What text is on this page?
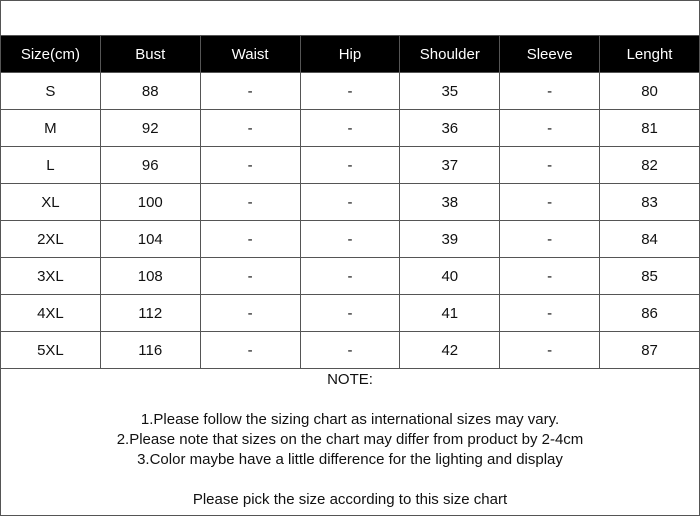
Size(cm)	Bust	Waist	Hip	Shoulder	Sleeve	Lenght
S	88	-	-	35	-	80
M	92	-	-	36	-	81
L	96	-	-	37	-	82
XL	100	-	-	38	-	83
2XL	104	-	-	39	-	84
3XL	108	-	-	40	-	85
4XL	112	-	-	41	-	86
5XL	116	-	-	42	-	87

NOTE:

1.Please follow the sizing chart as international sizes may vary.

2.Please note that sizes on the chart may differ from product by 2-4cm

3.Color maybe have a little difference for the lighting and display

Please pick the size according to this size chart
